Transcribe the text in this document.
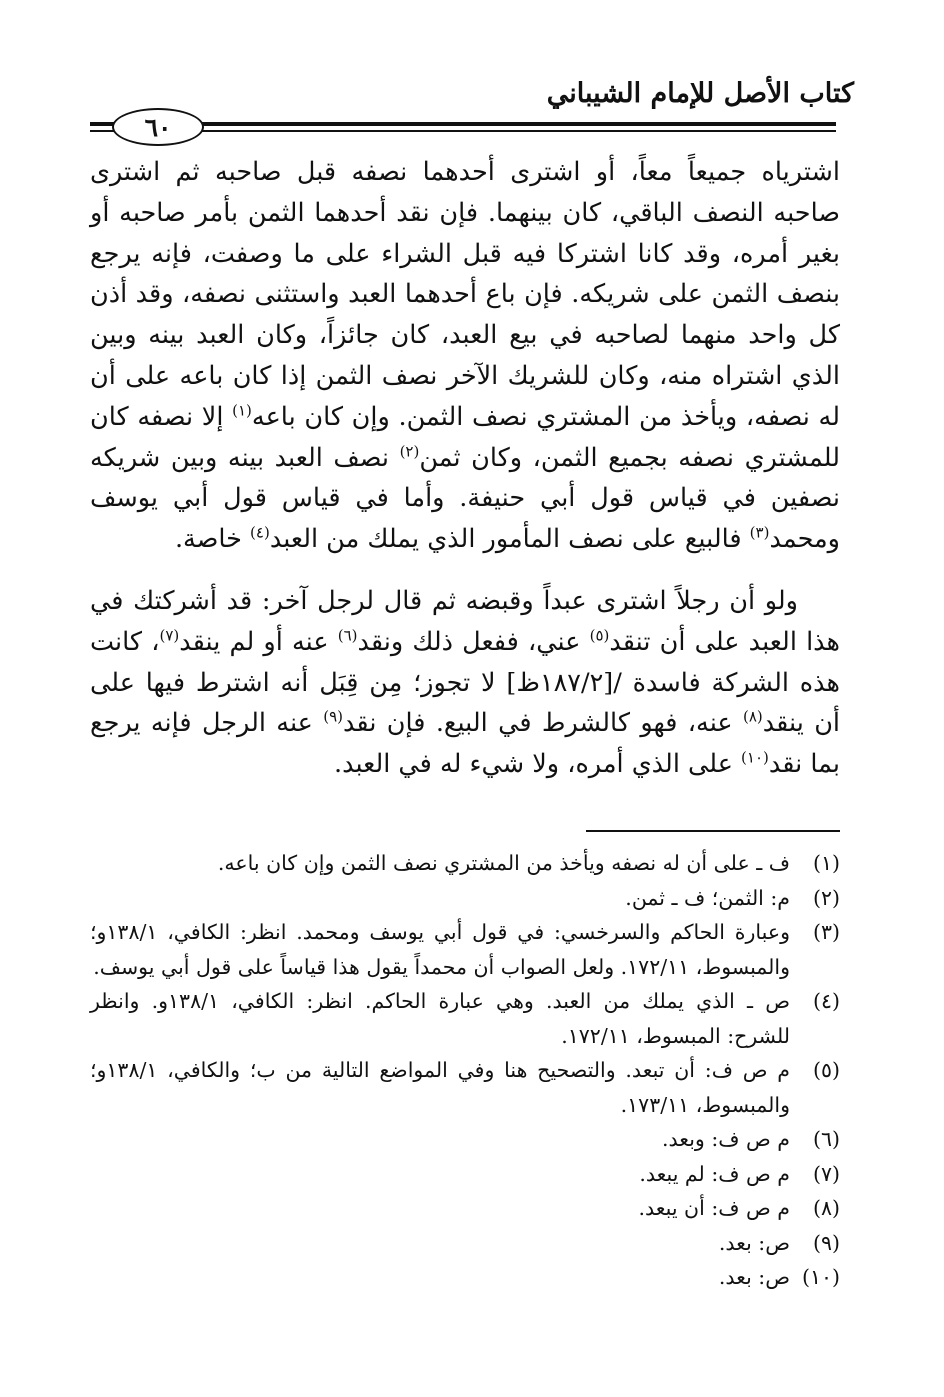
كتاب الأصل للإمام الشيباني
٦٠

اشترياه جميعاً معاً، أو اشترى أحدهما نصفه قبل صاحبه ثم اشترى صاحبه النصف الباقي، كان بينهما. فإن نقد أحدهما الثمن بأمر صاحبه أو بغير أمره، وقد كانا اشتركا فيه قبل الشراء على ما وصفت، فإنه يرجع بنصف الثمن على شريكه. فإن باع أحدهما العبد واستثنى نصفه، وقد أذن كل واحد منهما لصاحبه في بيع العبد، كان جائزاً، وكان العبد بينه وبين الذي اشتراه منه، وكان للشريك الآخر نصف الثمن إذا كان باعه على أن له نصفه، ويأخذ من المشتري نصف الثمن. وإن كان باعه$^{(١)}$ إلا نصفه كان للمشتري نصفه بجميع الثمن، وكان ثمن$^{(٢)}$ نصف العبد بينه وبين شريكه نصفين في قياس قول أبي حنيفة. وأما في قياس قول أبي يوسف ومحمد$^{(٣)}$ فالبيع على نصف المأمور الذي يملك من العبد$^{(٤)}$ خاصة.

ولو أن رجلاً اشترى عبداً وقبضه ثم قال لرجل آخر: قد أشركتك في هذا العبد على أن تنقد$^{(٥)}$ عني، ففعل ذلك ونقد$^{(٦)}$ عنه أو لم ينقد$^{(٧)}$، كانت هذه الشركة فاسدة /[١٨٧/٢ظ] لا تجوز؛ مِن قِبَل أنه اشترط فيها على أن ينقد$^{(٨)}$ عنه، فهو كالشرط في البيع. فإن نقد$^{(٩)}$ عنه الرجل فإنه يرجع بما نقد$^{(١٠)}$ على الذي أمره، ولا شيء له في العبد.

(١)
ف ـ على أن له نصفه ويأخذ من المشتري نصف الثمن وإن كان باعه.
(٢)
م: الثمن؛ ف ـ ثمن.
(٣)
وعبارة الحاكم والسرخسي: في قول أبي يوسف ومحمد. انظر: الكافي، ١٣٨/١و؛ والمبسوط، ١٧٢/١١. ولعل الصواب أن محمداً يقول هذا قياساً على قول أبي يوسف.
(٤)
ص ـ الذي يملك من العبد. وهي عبارة الحاكم. انظر: الكافي، ١٣٨/١و. وانظر للشرح: المبسوط، ١٧٢/١١.
(٥)
م ص ف: أن تبعد. والتصحيح هنا وفي المواضع التالية من ب؛ والكافي، ١٣٨/١و؛ والمبسوط، ١٧٣/١١.
(٦)
م ص ف: وبعد.
(٧)
م ص ف: لم يبعد.
(٨)
م ص ف: أن يبعد.
(٩)
ص: بعد.
(١٠)
ص: بعد.
